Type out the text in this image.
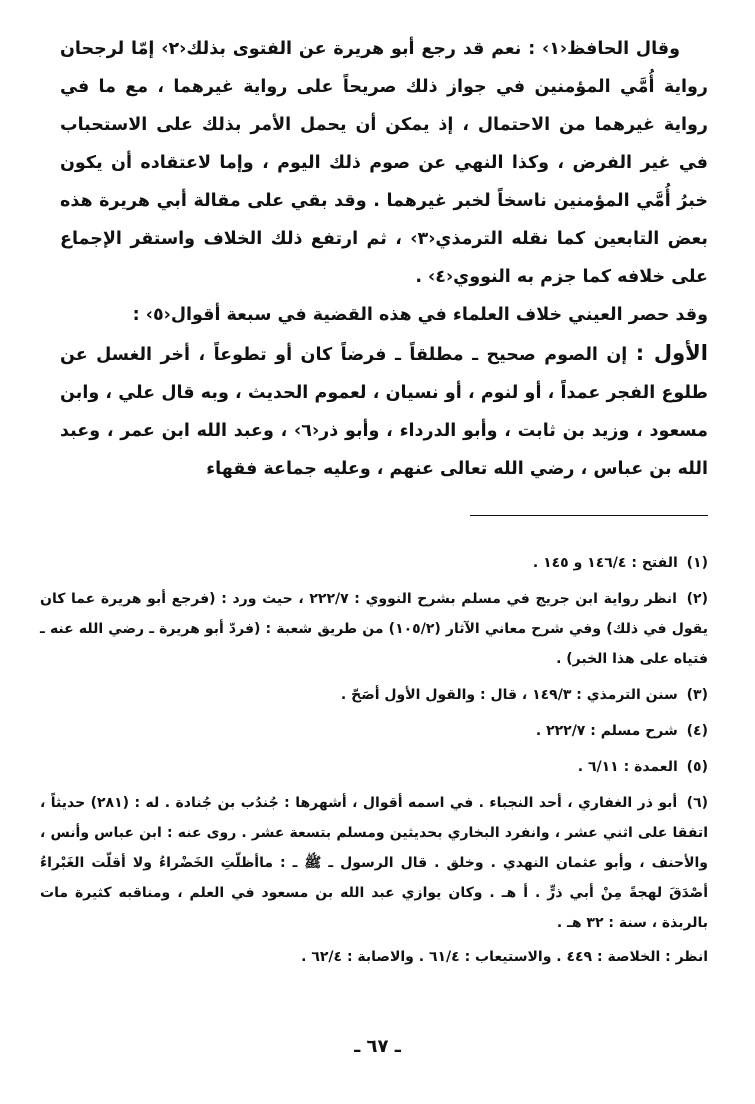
وقال الحافظ‹١› : نعم قد رجع أبو هريرة عن الفتوى بذلك‹٢› إمّا لرجحان رواية أُمَّي المؤمنين في جواز ذلك صريحاً على رواية غيرهما ، مع ما في رواية غيرهما من الاحتمال ، إذ يمكن أن يحمل الأمر بذلك على الاستحباب في غير الفرض ، وكذا النهي عن صوم ذلك اليوم ، وإما لاعتقاده أن يكون خبرُ أُمَّي المؤمنين ناسخاً لخبر غيرهما . وقد بقي على مقالة أبي هريرة هذه بعض التابعين كما نقله الترمذي‹٣› ، ثم ارتفع ذلك الخلاف واستقر الإجماع على خلافه كما جزم به النووي‹٤› .

وقد حصر العيني خلاف العلماء في هذه القضية في سبعة أقوال‹٥› :

الأول : إن الصوم صحيح ـ مطلقاً ـ فرضاً كان أو تطوعاً ، أخر الغسل عن طلوع الفجر عمداً ، أو لنوم ، أو نسيان ، لعموم الحديث ، وبه قال علي ، وابن مسعود ، وزيد بن ثابت ، وأبو الدرداء ، وأبو ذر‹٦› ، وعبد الله ابن عمر ، وعبد الله بن عباس ، رضي الله تعالى عنهم ، وعليه جماعة فقهاء

(١) الفتح : ١٤٦/٤ و ١٤٥ .

(٢) انظر رواية ابن جريج في مسلم بشرح النووي : ٢٢٢/٧ ، حيث ورد : (فرجع أبو هريرة عما كان يقول في ذلك) وفي شرح معاني الآثار (١٠٥/٢) من طريق شعبة : (فردّ أبو هريرة ـ رضي الله عنه ـ فتياه على هذا الخبر) .

(٣) سنن الترمذي : ١٤٩/٣ ، قال : والقول الأول أصَحّ .

(٤) شرح مسلم : ٢٢٢/٧ .

(٥) العمدة : ٦/١١ .

(٦) أبو ذر الغفاري ، أحد النجباء . في اسمه أقوال ، أشهرها : جُندُب بن جُنادة . له : (٢٨١) حديثاً ، اتفقا على اثني عشر ، وانفرد البخاري بحديثين ومسلم بتسعة عشر . روى عنه : ابن عباس وأنس ، والأحنف ، وأبو عثمان النهدي . وخلق . قال الرسول ـ ﷺ ـ : ماأظلّتِ الخَضْراءُ ولا أقلّت الغَبْراءُ أصْدَقَ لهجةً مِنْ أبي ذرٍّ . أ هـ . وكان يوازي عبد الله بن مسعود في العلم ، ومناقبه كثيرة مات بالربذة ، سنة : ٣٢ هـ .

انظر : الخلاصة : ٤٤٩ . والاستيعاب : ٦١/٤ . والاصابة : ٦٢/٤ .

ـ ٦٧ ـ
